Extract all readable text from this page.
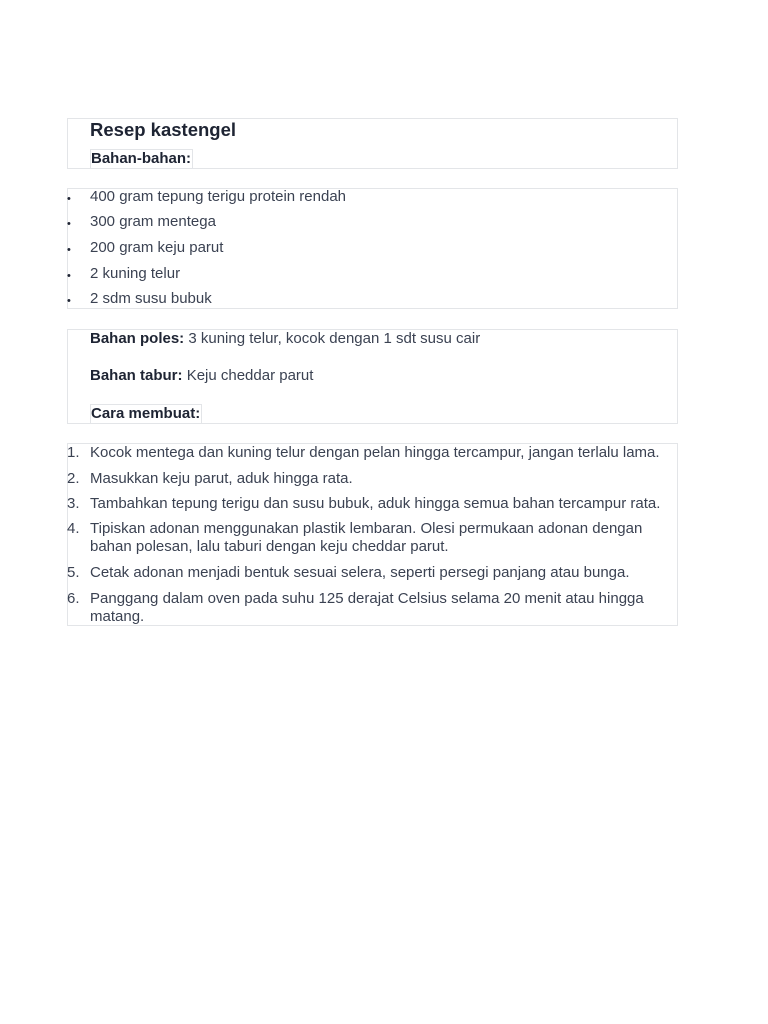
Resep kastengel

Bahan-bahan:

• 400 gram tepung terigu protein rendah
• 300 gram mentega
• 200 gram keju parut
• 2 kuning telur
• 2 sdm susu bubuk

Bahan poles: 3 kuning telur, kocok dengan 1 sdt susu cair

Bahan tabur: Keju cheddar parut

Cara membuat:

1. Kocok mentega dan kuning telur dengan pelan hingga tercampur, jangan terlalu lama.
2. Masukkan keju parut, aduk hingga rata.
3. Tambahkan tepung terigu dan susu bubuk, aduk hingga semua bahan tercampur rata.
4. Tipiskan adonan menggunakan plastik lembaran. Olesi permukaan adonan dengan bahan polesan, lalu taburi dengan keju cheddar parut.
5. Cetak adonan menjadi bentuk sesuai selera, seperti persegi panjang atau bunga.
6. Panggang dalam oven pada suhu 125 derajat Celsius selama 20 menit atau hingga matang.
